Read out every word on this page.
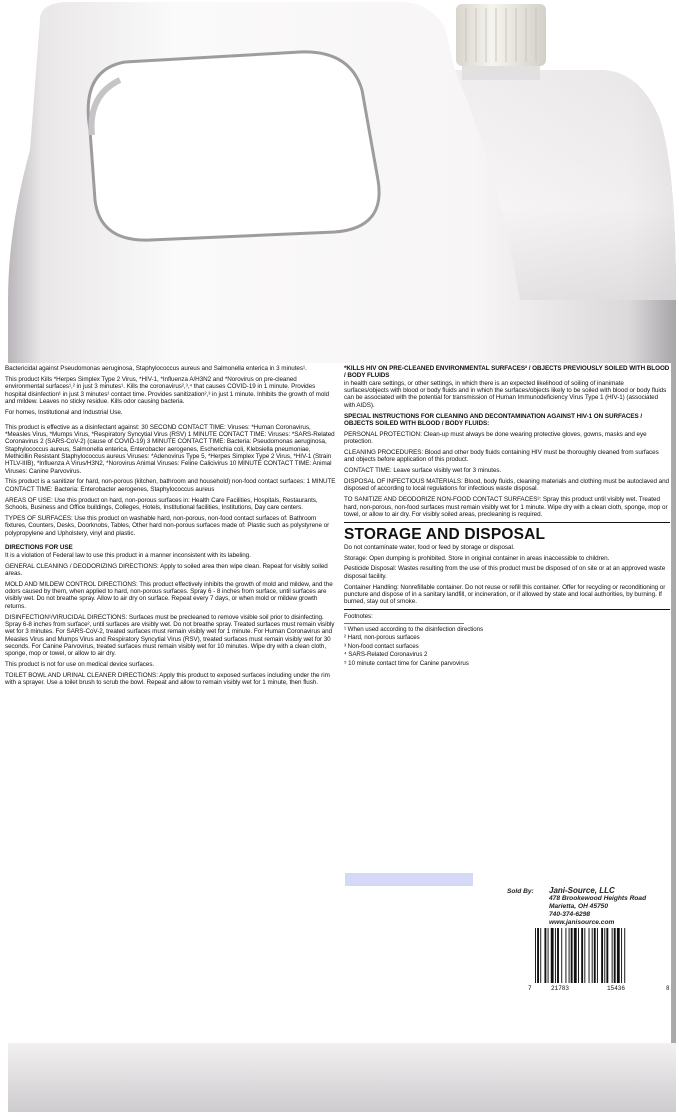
Bactericidal against Pseudomonas aeruginosa, Staphylococcus aureus and Salmonella enterica in 3 minutes¹.

This product Kills *Herpes Simplex Type 2 Virus, *HIV-1, *Influenza A/H3N2 and *Norovirus on pre-cleaned environmental surfaces¹,² in just 3 minutes¹. Kills the coronavirus²,³,⁴ that causes COVID-19 in 1 minute. Provides hospital disinfection¹ in just 3 minutes¹ contact time. Provides sanitization²,³ in just 1 minute. Inhibits the growth of mold and mildew. Leaves no sticky residue. Kills odor causing bacteria.

For homes, Institutional and Industrial Use.

This product is effective as a disinfectant against: 30 SECOND CONTACT TIME: Viruses: *Human Coronavirus, *Measles Virus, *Mumps Virus, *Respiratory Syncytial Virus (RSV) 1 MINUTE CONTACT TIME: Viruses: *SARS-Related Coronavirus 2 (SARS-CoV-2) (cause of COVID-19) 3 MINUTE CONTACT TIME: Bacteria: Pseudomonas aeruginosa, Staphylococcus aureus, Salmonella enterica, Enterobacter aerogenes, Escherichia coli, Klebsiella pneumoniae, Methicillin Resistant Staphylococcus aureus Viruses: *Adenovirus Type 5, *Herpes Simplex Type 2 Virus, *HIV-1 (Strain HTLV-IIIB), *Influenza A Virus/H3N2, *Norovirus Animal Viruses: Feline Calicivirus 10 MINUTE CONTACT TIME: Animal Viruses: Canine Parvovirus.

This product is a sanitizer for hard, non-porous (kitchen, bathroom and household) non-food contact surfaces: 1 MINUTE CONTACT TIME: Bacteria: Enterobacter aerogenes, Staphylococcus aureus

AREAS OF USE: Use this product on hard, non-porous surfaces in: Health Care Facilities, Hospitals, Restaurants, Schools, Business and Office buildings, Colleges, Hotels, Institutional facilities, Institutions, Day care centers.

TYPES OF SURFACES: Use this product on washable hard, non-porous, non-food contact surfaces of: Bathroom fixtures, Counters, Desks, Doorknobs, Tables, Other hard non-porous surfaces made of: Plastic such as polystyrene or polypropylene and Upholstery, vinyl and plastic.

DIRECTIONS FOR USE

It is a violation of Federal law to use this product in a manner inconsistent with its labeling.

GENERAL CLEANING / DEODORIZING DIRECTIONS: Apply to soiled area then wipe clean. Repeat for visibly soiled areas.

MOLD AND MILDEW CONTROL DIRECTIONS: This product effectively inhibits the growth of mold and mildew, and the odors caused by them, when applied to hard, non-porous surfaces. Spray 6 - 8 inches from surface, until surfaces are visibly wet. Do not breathe spray. Allow to air dry on surface. Repeat every 7 days, or when mold or mildew growth returns.

DISINFECTION¹/VIRUCIDAL DIRECTIONS: Surfaces must be precleaned to remove visible soil prior to disinfecting. Spray 6-8 inches from surface², until surfaces are visibly wet. Do not breathe spray. Treated surfaces must remain visibly wet for 3 minutes. For SARS-CoV-2, treated surfaces must remain visibly wet for 1 minute. For Human Coronavirus and Measles Virus and Mumps Virus and Respiratory Syncytial Virus (RSV), treated surfaces must remain visibly wet for 30 seconds. For Canine Parvovirus, treated surfaces must remain visibly wet for 10 minutes. Wipe dry with a clean cloth, sponge, mop or towel, or allow to air dry.

This product is not for use on medical device surfaces.

TOILET BOWL AND URINAL CLEANER DIRECTIONS: Apply this product to exposed surfaces including under the rim with a sprayer. Use a toilet brush to scrub the bowl. Repeat and allow to remain visibly wet for 1 minute, then flush.

*KILLS HIV ON PRE-CLEANED ENVIRONMENTAL SURFACES² / OBJECTS PREVIOUSLY SOILED WITH BLOOD / BODY FLUIDS

in health care settings, or other settings, in which there is an expected likelihood of soiling of inanimate surfaces/objects with blood or body fluids and in which the surfaces/objects likely to be soiled with blood or body fluids can be associated with the potential for transmission of Human Immunodeficiency Virus Type 1 (HIV-1) (associated with AIDS).

SPECIAL INSTRUCTIONS FOR CLEANING AND DECONTAMINATION AGAINST HIV-1 ON SURFACES / OBJECTS SOILED WITH BLOOD / BODY FLUIDS:

PERSONAL PROTECTION: Clean-up must always be done wearing protective gloves, gowns, masks and eye protection.

CLEANING PROCEDURES: Blood and other body fluids containing HIV must be thoroughly cleaned from surfaces and objects before application of this product.

CONTACT TIME: Leave surface visibly wet for 3 minutes.

DISPOSAL OF INFECTIOUS MATERIALS: Blood, body fluids, cleaning materials and clothing must be autoclaved and disposed of according to local regulations for infectious waste disposal.

TO SANITIZE AND DEODORIZE NON-FOOD CONTACT SURFACES³: Spray this product until visibly wet. Treated hard, non-porous, non-food surfaces must remain visibly wet for 1 minute. Wipe dry with a clean cloth, sponge, mop or towel, or allow to air dry. For visibly soiled areas, precleaning is required.

STORAGE AND DISPOSAL

Do not contaminate water, food or feed by storage or disposal.

Storage: Open dumping is prohibited. Store in original container in areas inaccessible to children.

Pesticide Disposal: Wastes resulting from the use of this product must be disposed of on site or at an approved waste disposal facility.

Container Handling: Nonrefillable container. Do not reuse or refill this container. Offer for recycling or reconditioning or puncture and dispose of in a sanitary landfill, or incineration, or if allowed by state and local authorities, by burning. If burned, stay out of smoke.

Footnotes:
¹ When used according to the disinfection directions
² Hard, non-porous surfaces
³ Non-food contact surfaces
⁴ SARS-Related Coronavirus 2
⁵ 10 minute contact time for Canine parvovirus
Sold By:	Jani-Source, LLC
478 Brookewood Heights Road
Marietta, OH 45750
740-374-6298
www.janisource.com
7	21783	15436	8
